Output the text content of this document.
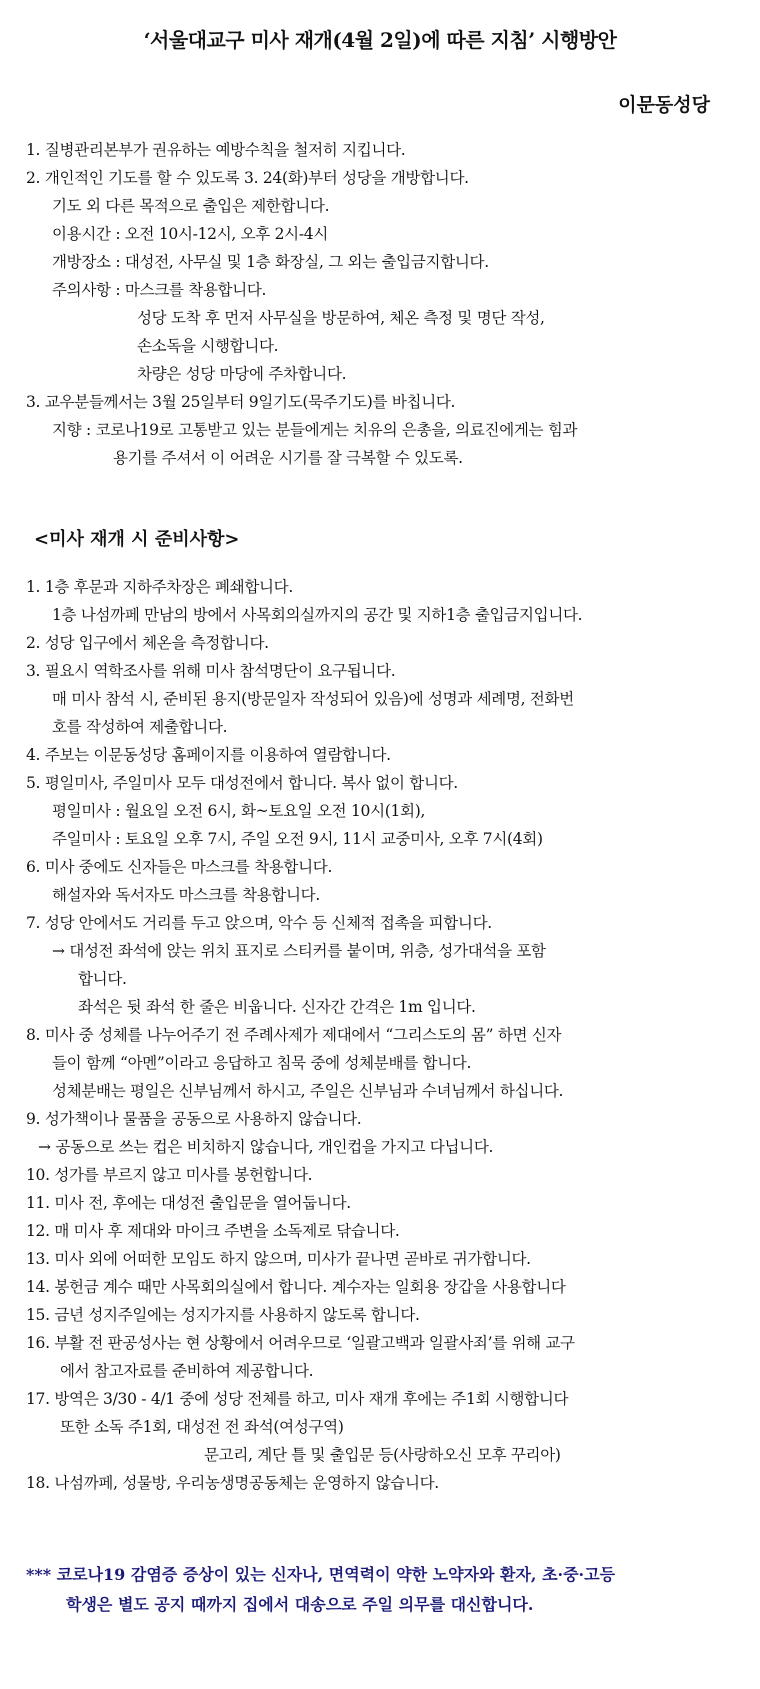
‘서울대교구 미사 재개(4월 2일)에 따른 지침’ 시행방안
이문동성당
1. 질병관리본부가 권유하는 예방수칙을 철저히 지킵니다.
2. 개인적인 기도를 할 수 있도록 3. 24(화)부터 성당을 개방합니다.
기도 외 다른 목적으로 출입은 제한합니다.
이용시간 : 오전 10시-12시, 오후 2시-4시
개방장소 : 대성전, 사무실 및 1층 화장실, 그 외는 출입금지합니다.
주의사항 : 마스크를 착용합니다.
성당 도착 후 먼저 사무실을 방문하여, 체온 측정 및 명단 작성,
손소독을 시행합니다.
차량은 성당 마당에 주차합니다.
3. 교우분들께서는 3월 25일부터 9일기도(묵주기도)를 바칩니다.
지향 : 코로나19로 고통받고 있는 분들에게는 치유의 은총을, 의료진에게는 힘과
용기를 주셔서 이 어려운 시기를 잘 극복할 수 있도록.
<미사 재개 시 준비사항>
1. 1층 후문과 지하주차장은 폐쇄합니다.
1층 나섬까페 만남의 방에서 사목회의실까지의 공간 및 지하1층 출입금지입니다.
2. 성당 입구에서 체온을 측정합니다.
3. 필요시 역학조사를 위해 미사 참석명단이 요구됩니다.
매 미사 참석 시, 준비된 용지(방문일자 작성되어 있음)에 성명과 세례명, 전화번
호를 작성하여 제출합니다.
4. 주보는 이문동성당 홈페이지를 이용하여 열람합니다.
5. 평일미사, 주일미사 모두 대성전에서 합니다. 복사 없이 합니다.
평일미사 : 월요일 오전 6시, 화~토요일 오전 10시(1회),
주일미사 : 토요일 오후 7시, 주일 오전 9시, 11시 교중미사, 오후 7시(4회)
6. 미사 중에도 신자들은 마스크를 착용합니다.
해설자와 독서자도 마스크를 착용합니다.
7. 성당 안에서도 거리를 두고 앉으며, 악수 등 신체적 접촉을 피합니다.
→ 대성전 좌석에 앉는 위치 표지로 스티커를 붙이며, 위층, 성가대석을 포함
합니다.
좌석은 뒷 좌석 한 줄은 비웁니다. 신자간 간격은 1m 입니다.
8. 미사 중 성체를 나누어주기 전 주례사제가 제대에서 “그리스도의 몸” 하면 신자
들이 함께 “아멘”이라고 응답하고 침묵 중에 성체분배를 합니다.
성체분배는 평일은 신부님께서 하시고, 주일은 신부님과 수녀님께서 하십니다.
9. 성가책이나 물품을 공동으로 사용하지 않습니다.
→ 공동으로 쓰는 컵은 비치하지 않습니다, 개인컵을 가지고 다닙니다.
10. 성가를 부르지 않고 미사를 봉헌합니다.
11. 미사 전, 후에는 대성전 출입문을 열어둡니다.
12. 매 미사 후 제대와 마이크 주변을 소독제로 닦습니다.
13. 미사 외에 어떠한 모임도 하지 않으며, 미사가 끝나면 곧바로 귀가합니다.
14. 봉헌금 계수 때만 사목회의실에서 합니다. 계수자는 일회용 장갑을 사용합니다
15. 금년 성지주일에는 성지가지를 사용하지 않도록 합니다.
16. 부활 전 판공성사는 현 상황에서 어려우므로 ‘일괄고백과 일괄사죄’를 위해 교구
에서 참고자료를 준비하여 제공합니다.
17. 방역은 3/30 - 4/1 중에 성당 전체를 하고, 미사 재개 후에는 주1회 시행합니다
또한 소독 주1회, 대성전 전 좌석(여성구역)
문고리, 계단 틀 및 출입문 등(사랑하오신 모후 꾸리아)
18. 나섬까페, 성물방, 우리농생명공동체는 운영하지 않습니다.
*** 코로나19 감염증 증상이 있는 신자나, 면역력이 약한 노약자와 환자, 초·중·고등
학생은 별도 공지 때까지 집에서 대송으로 주일 의무를 대신합니다.
